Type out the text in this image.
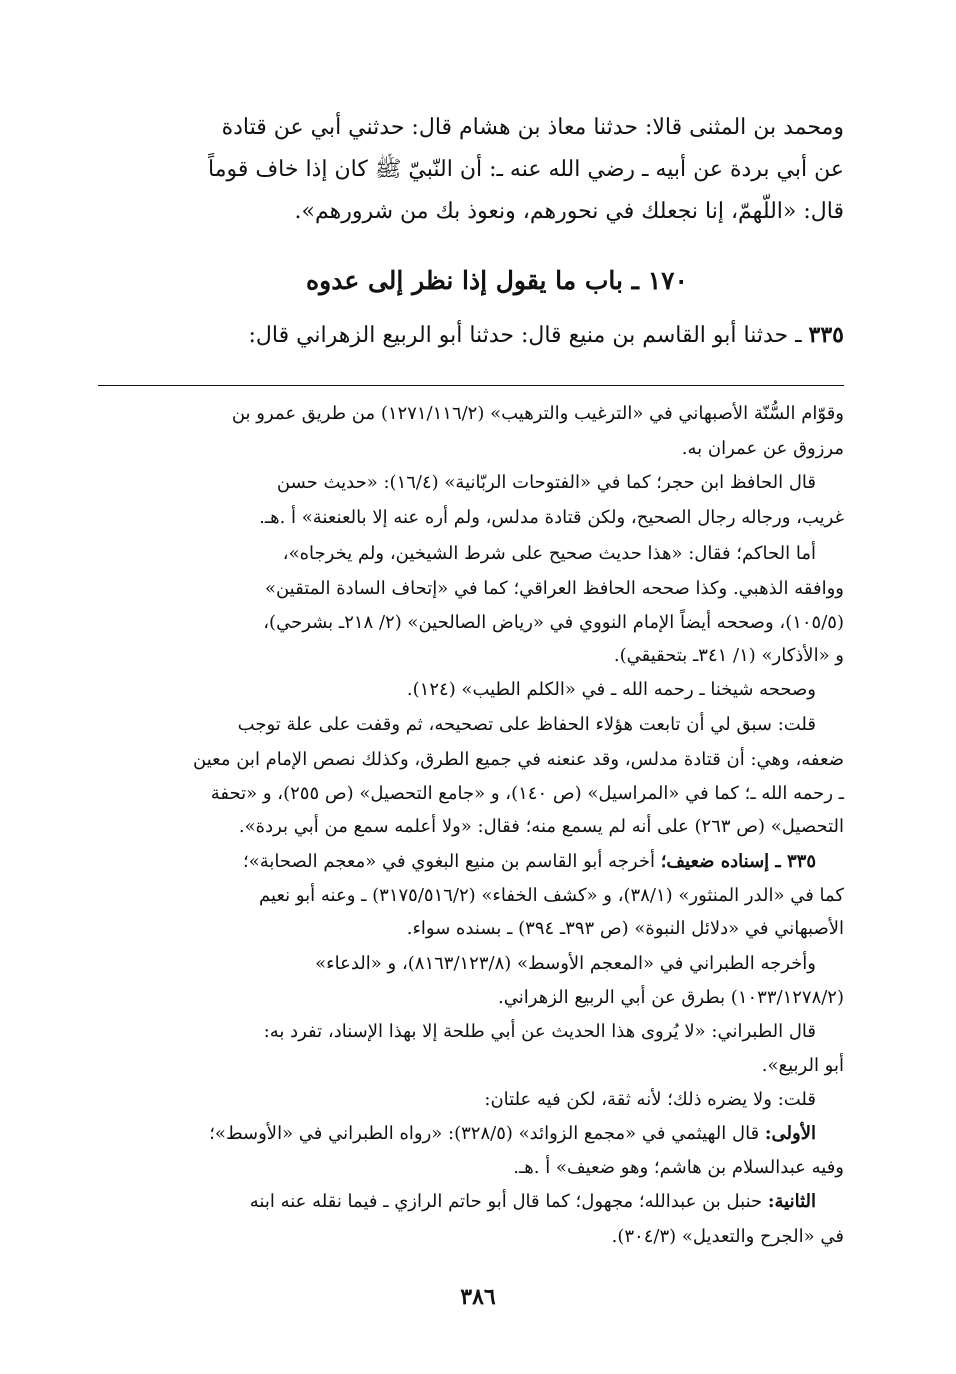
ومحمد بن المثنى قالا: حدثنا معاذ بن هشام قال: حدثني أبي عن قتادة
عن أبي بردة عن أبيه ـ رضي الله عنه ـ: أن النّبيّ ﷺ كان إذا خاف قوماً
قال: «اللّهمّ، إنا نجعلك في نحورهم، ونعوذ بك من شرورهم».
١٧٠ ـ باب ما يقول إذا نظر إلى عدوه
٣٣٥ ـ حدثنا أبو القاسم بن منيع قال: حدثنا أبو الربيع الزهراني قال:
وقوّام السُّنّة الأصبهاني في «الترغيب والترهيب» (١٢٧١/١١٦/٢) من طريق عمرو بن
مرزوق عن عمران به.
قال الحافظ ابن حجر؛ كما في «الفتوحات الربّانية» (١٦/٤): «حديث حسن
غريب، ورجاله رجال الصحيح، ولكن قتادة مدلس، ولم أره عنه إلا بالعنعنة» أ .هـ.
أما الحاكم؛ فقال: «هذا حديث صحيح على شرط الشيخين، ولم يخرجاه»،
ووافقه الذهبي. وكذا صححه الحافظ العراقي؛ كما في «إتحاف السادة المتقين»
(١٠٥/٥)، وصححه أيضاً الإمام النووي في «رياض الصالحين» (٢/ ٢١٨ـ بشرحي)،
و «الأذكار» (١/ ٣٤١ـ بتحقيقي).
وصححه شيخنا ـ رحمه الله ـ في «الكلم الطيب» (١٢٤).
قلت: سبق لي أن تابعت هؤلاء الحفاظ على تصحيحه، ثم وقفت على علة توجب
ضعفه، وهي: أن قتادة مدلس، وقد عنعنه في جميع الطرق، وكذلك نصص الإمام ابن معين
ـ رحمه الله ـ؛ كما في «المراسيل» (ص ١٤٠)، و «جامع التحصيل» (ص ٢٥٥)، و «تحفة
التحصيل» (ص ٢٦٣) على أنه لم يسمع منه؛ فقال: «ولا أعلمه سمع من أبي بردة».
٣٣٥ ـ إسناده ضعيف؛ أخرجه أبو القاسم بن منيع البغوي في «معجم الصحابة»؛
كما في «الدر المنثور» (٣٨/١)، و «كشف الخفاء» (٣١٧٥/٥١٦/٢) ـ وعنه أبو نعيم
الأصبهاني في «دلائل النبوة» (ص ٣٩٣ـ ٣٩٤) ـ بسنده سواء.
وأخرجه الطبراني في «المعجم الأوسط» (٨١٦٣/١٢٣/٨)، و «الدعاء»
(١٠٣٣/١٢٧٨/٢) بطرق عن أبي الربيع الزهراني.
قال الطبراني: «لا يُروى هذا الحديث عن أبي طلحة إلا بهذا الإسناد، تفرد به:
أبو الربيع».
قلت: ولا يضره ذلك؛ لأنه ثقة، لكن فيه علتان:
الأولى: قال الهيثمي في «مجمع الزوائد» (٣٢٨/٥): «رواه الطبراني في «الأوسط»؛
وفيه عبدالسلام بن هاشم؛ وهو ضعيف» أ .هـ.
الثانية: حنبل بن عبدالله؛ مجهول؛ كما قال أبو حاتم الرازي ـ فيما نقله عنه ابنه
في «الجرح والتعديل» (٣٠٤/٣).
٣٨٦
